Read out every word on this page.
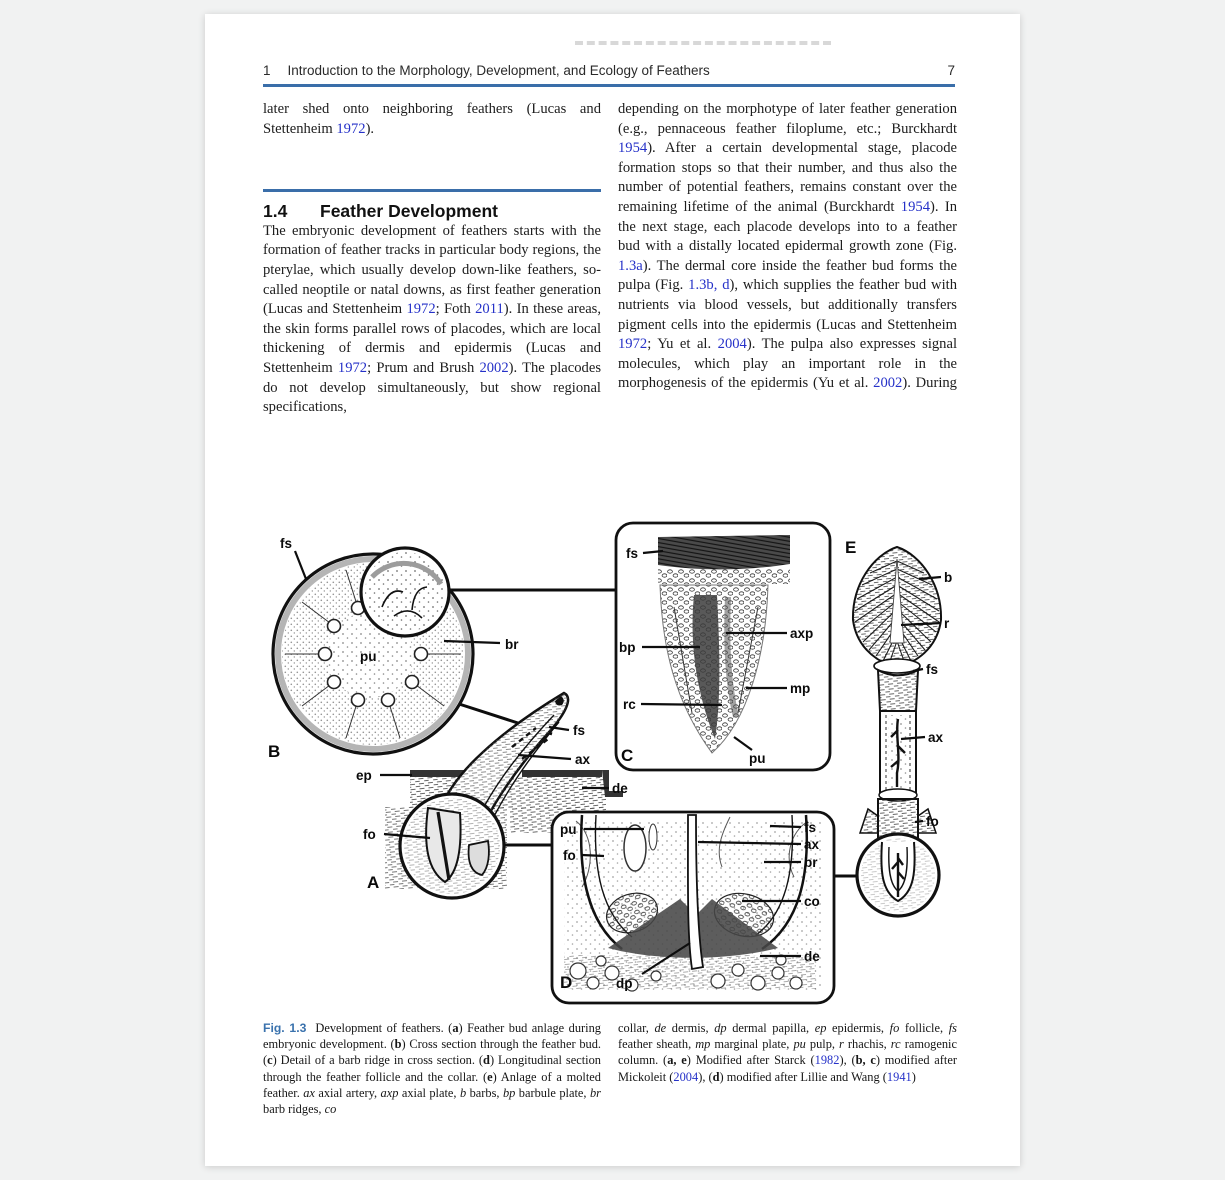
1 Introduction to the Morphology, Development, and Ecology of Feathers	7

later shed onto neighboring feathers (Lucas and Stettenheim 1972).

1.4	Feather Development

The embryonic development of feathers starts with the formation of feather tracks in particular body regions, the pterylae, which usually develop down-like feathers, so-called neoptile or natal downs, as first feather generation (Lucas and Stettenheim 1972; Foth 2011). In these areas, the skin forms parallel rows of placodes, which are local thickening of dermis and epidermis (Lucas and Stettenheim 1972; Prum and Brush 2002). The placodes do not develop simultaneously, but show regional specifications,

depending on the morphotype of later feather generation (e.g., pennaceous feather filoplume, etc.; Burckhardt 1954). After a certain developmental stage, placode formation stops so that their number, and thus also the number of potential feathers, remains constant over the remaining lifetime of the animal (Burckhardt 1954). In the next stage, each placode develops into to a feather bud with a distally located epidermal growth zone (Fig. 1.3a). The dermal core inside the feather bud forms the pulpa (Fig. 1.3b, d), which supplies the feather bud with nutrients via blood vessels, but additionally transfers pigment cells into the epidermis (Lucas and Stettenheim 1972; Yu et al. 2004). The pulpa also expresses signal molecules, which play an important role in the morphogenesis of the epidermis (Yu et al. 2002). During

fs
pu
br
B
ep
fs
ax
de
fo
A
fs
bp
rc
axp
mp
pu
C
pu
fo
fs
ax
br
co
de
dp
D
b
r
fs
ax
fo
E
Fig. 1.3 Development of feathers. (a) Feather bud anlage during embryonic development. (b) Cross section through the feather bud. (c) Detail of a barb ridge in cross section. (d) Longitudinal section through the feather follicle and the collar. (e) Anlage of a molted feather. ax axial artery, axp axial plate, b barbs, bp barbule plate, br barb ridges, co
collar, de dermis, dp dermal papilla, ep epidermis, fo follicle, fs feather sheath, mp marginal plate, pu pulp, r rhachis, rc ramogenic column. (a, e) Modified after Starck (1982), (b, c) modified after Mickoleit (2004), (d) modified after Lillie and Wang (1941)
